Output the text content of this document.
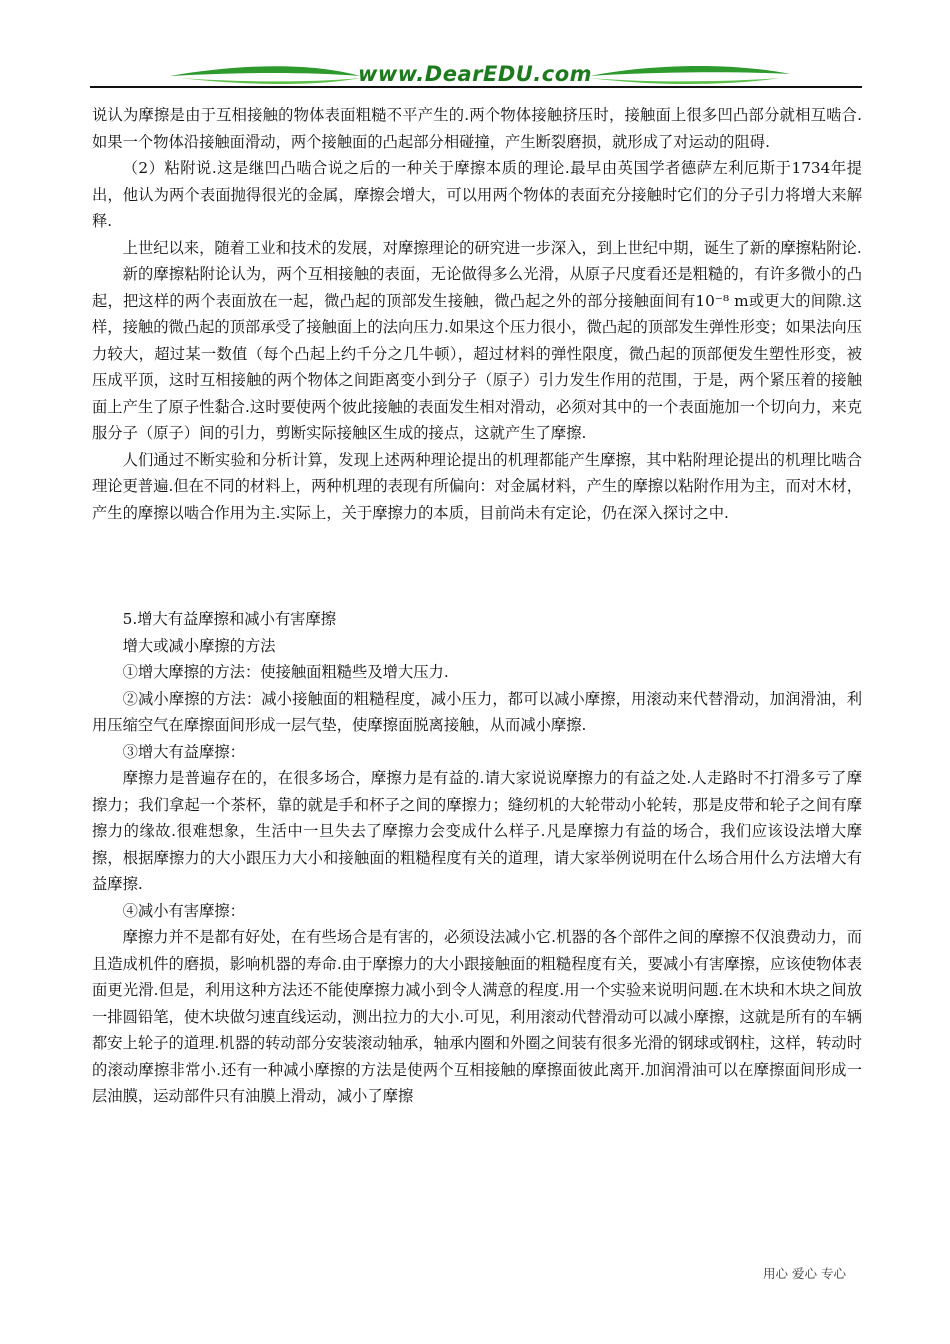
www.DearEDU.com

说认为摩擦是由于互相接触的物体表面粗糙不平产生的.两个物体接触挤压时，接触面上很多凹凸部分就相互啮合.如果一个物体沿接触面滑动，两个接触面的凸起部分相碰撞，产生断裂磨损，就形成了对运动的阻碍.

（2）粘附说.这是继凹凸啮合说之后的一种关于摩擦本质的理论.最早由英国学者德萨左利厄斯于1734年提出，他认为两个表面抛得很光的金属，摩擦会增大，可以用两个物体的表面充分接触时它们的分子引力将增大来解释.

上世纪以来，随着工业和技术的发展，对摩擦理论的研究进一步深入，到上世纪中期，诞生了新的摩擦粘附论.

新的摩擦粘附论认为，两个互相接触的表面，无论做得多么光滑，从原子尺度看还是粗糙的，有许多微小的凸起，把这样的两个表面放在一起，微凸起的顶部发生接触，微凸起之外的部分接触面间有10⁻⁸ m或更大的间隙.这样，接触的微凸起的顶部承受了接触面上的法向压力.如果这个压力很小，微凸起的顶部发生弹性形变；如果法向压力较大，超过某一数值（每个凸起上约千分之几牛顿），超过材料的弹性限度，微凸起的顶部便发生塑性形变，被压成平顶，这时互相接触的两个物体之间距离变小到分子（原子）引力发生作用的范围，于是，两个紧压着的接触面上产生了原子性黏合.这时要使两个彼此接触的表面发生相对滑动，必须对其中的一个表面施加一个切向力，来克服分子（原子）间的引力，剪断实际接触区生成的接点，这就产生了摩擦.

人们通过不断实验和分析计算，发现上述两种理论提出的机理都能产生摩擦，其中粘附理论提出的机理比啮合理论更普遍.但在不同的材料上，两种机理的表现有所偏向：对金属材料，产生的摩擦以粘附作用为主，而对木材，产生的摩擦以啮合作用为主.实际上，关于摩擦力的本质，目前尚未有定论，仍在深入探讨之中.

5.增大有益摩擦和减小有害摩擦

增大或减小摩擦的方法

①增大摩擦的方法：使接触面粗糙些及增大压力.

②减小摩擦的方法：减小接触面的粗糙程度，减小压力，都可以减小摩擦，用滚动来代替滑动，加润滑油，利用压缩空气在摩擦面间形成一层气垫，使摩擦面脱离接触，从而减小摩擦.

③增大有益摩擦：

摩擦力是普遍存在的，在很多场合，摩擦力是有益的.请大家说说摩擦力的有益之处.人走路时不打滑多亏了摩擦力；我们拿起一个茶杯，靠的就是手和杯子之间的摩擦力；缝纫机的大轮带动小轮转，那是皮带和轮子之间有摩擦力的缘故.很难想象，生活中一旦失去了摩擦力会变成什么样子.凡是摩擦力有益的场合，我们应该设法增大摩擦，根据摩擦力的大小跟压力大小和接触面的粗糙程度有关的道理，请大家举例说明在什么场合用什么方法增大有益摩擦.

④减小有害摩擦：

摩擦力并不是都有好处，在有些场合是有害的，必须设法减小它.机器的各个部件之间的摩擦不仅浪费动力，而且造成机件的磨损，影响机器的寿命.由于摩擦力的大小跟接触面的粗糙程度有关，要减小有害摩擦，应该使物体表面更光滑.但是，利用这种方法还不能使摩擦力减小到令人满意的程度.用一个实验来说明问题.在木块和木块之间放一排圆铅笔，使木块做匀速直线运动，测出拉力的大小.可见，利用滚动代替滑动可以减小摩擦，这就是所有的车辆都安上轮子的道理.机器的转动部分安装滚动轴承，轴承内圈和外圈之间装有很多光滑的钢球或钢柱，这样，转动时的滚动摩擦非常小.还有一种减小摩擦的方法是使两个互相接触的摩擦面彼此离开.加润滑油可以在摩擦面间形成一层油膜，运动部件只有油膜上滑动，减小了摩擦

用心 爱心 专心
